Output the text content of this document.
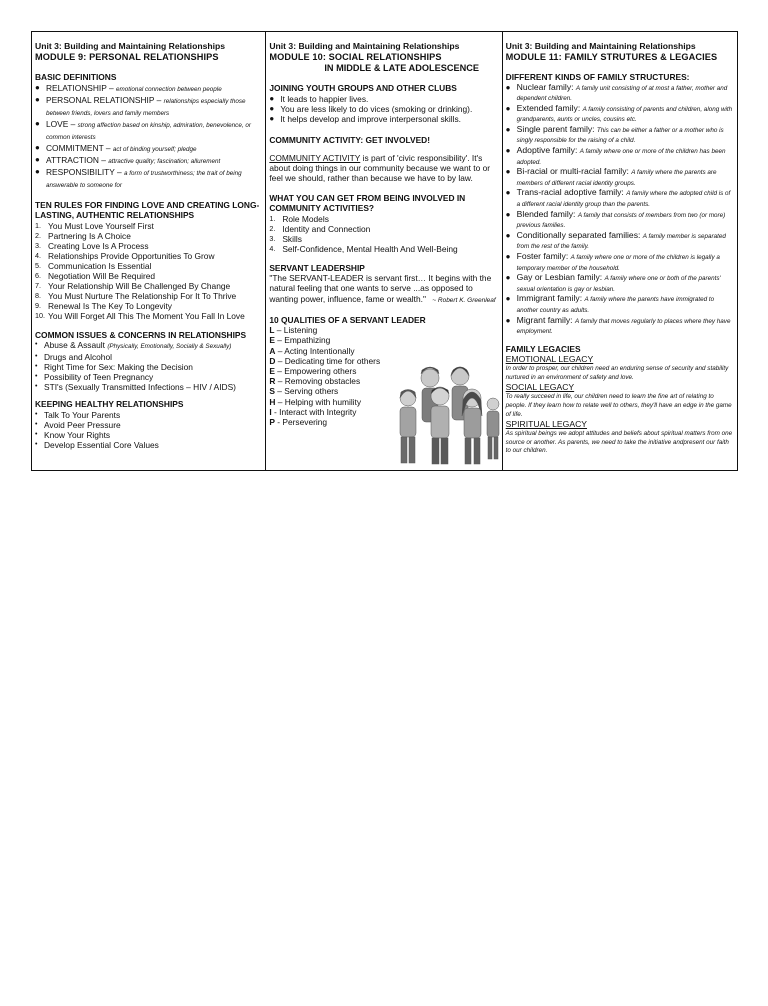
Unit 3: Building and Maintaining Relationships
MODULE 9: PERSONAL RELATIONSHIPS
BASIC DEFINITIONS
● RELATIONSHIP – emotional connection between people
● PERSONAL RELATIONSHIP – relationships especially those between friends, lovers and family members
● LOVE – strong affection based on kinship, admiration, benevolence, or common interests
● COMMITMENT – act of binding yourself; pledge
● ATTRACTION – attractive quality; fascination; allurement
● RESPONSIBILITY – a form of trustworthiness; the trait of being answerable to someone for
TEN RULES FOR FINDING LOVE AND CREATING LONG-LASTING, AUTHENTIC RELATIONSHIPS
1. You Must Love Yourself First
2. Partnering Is A Choice
3. Creating Love Is A Process
4. Relationships Provide Opportunities To Grow
5. Communication Is Essential
6. Negotiation Will Be Required
7. Your Relationship Will Be Challenged By Change
8. You Must Nurture The Relationship For It To Thrive
9. Renewal Is The Key To Longevity
10. You Will Forget All This The Moment You Fall In Love
COMMON ISSUES & CONCERNS IN RELATIONSHIPS
• Abuse & Assault (Physically, Emotionally, Socially & Sexually)
• Drugs and Alcohol
• Right Time for Sex: Making the Decision
• Possibility of Teen Pregnancy
• STI's (Sexually Transmitted Infections – HIV / AIDS)
KEEPING HEALTHY RELATIONSHIPS
• Talk To Your Parents
• Avoid Peer Pressure
• Know Your Rights
• Develop Essential Core Values
Unit 3: Building and Maintaining Relationships
MODULE 10: SOCIAL RELATIONSHIPS
IN MIDDLE & LATE ADOLESCENCE
JOINING YOUTH GROUPS AND OTHER CLUBS
● It leads to happier lives.
● You are less likely to do vices (smoking or drinking).
● It helps develop and improve interpersonal skills.
COMMUNITY ACTIVITY: GET INVOLVED!
COMMUNITY ACTIVITY is part of 'civic responsibility'. It's about doing things in our community because we want to or feel we should, rather than because we have to by law.
WHAT YOU CAN GET FROM BEING INVOLVED IN COMMUNITY ACTIVITIES?
1. Role Models
2. Identity and Connection
3. Skills
4. Self-Confidence, Mental Health And Well-Being
SERVANT LEADERSHIP
"The SERVANT-LEADER is servant first… It begins with the natural feeling that one wants to serve ...as opposed to wanting power, influence, fame or wealth." ~ Robert K. Greenleaf
10 QUALITIES OF A SERVANT LEADER
L – Listening
E – Empathizing
A – Acting Intentionally
D – Dedicating time for others
E – Empowering others
R – Removing obstacles
S – Serving others
H – Helping with humility
I - Interact with Integrity
P - Persevering
Unit 3: Building and Maintaining Relationships
MODULE 11: FAMILY STRUTURES & LEGACIES
DIFFERENT KINDS OF FAMILY STRUCTURES:
● Nuclear family: A family unit consisting of at most a father, mother and dependent children.
● Extended family: A family consisting of parents and children, along with grandparents, aunts or uncles, cousins etc.
● Single parent family: This can be either a father or a mother who is singly responsible for the raising of a child.
● Adoptive family: A family where one or more of the children has been adopted.
● Bi-racial or multi-racial family: A family where the parents are members of different racial identity groups.
● Trans-racial adoptive family: A family where the adopted child is of a different racial identity group than the parents.
● Blended family: A family that consists of members from two (or more) previous families.
● Conditionally separated families: A family member is separated from the rest of the family.
● Foster family: A family where one or more of the children is legally a temporary member of the household.
● Gay or Lesbian family: A family where one or both of the parents' sexual orientation is gay or lesbian.
● Immigrant family: A family where the parents have immigrated to another country as adults.
● Migrant family: A family that moves regularly to places where they have employment.
FAMILY LEGACIES
EMOTIONAL LEGACY
In order to prosper, our children need an enduring sense of security and stability nurtured in an environment of safety and love.
SOCIAL LEGACY
To really succeed in life, our children need to learn the fine art of relating to people. If they learn how to relate well to others, they'll have an edge in the game of life.
SPIRITUAL LEGACY
As spiritual beings we adopt attitudes and beliefs about spiritual matters from one source or another. As parents, we need to take the initiative andpresent our faith to our children.
